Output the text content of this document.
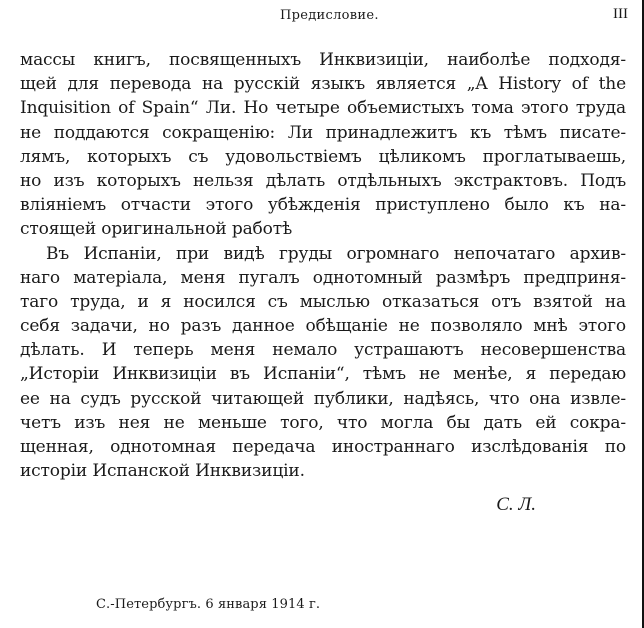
Предисловие.	III
массы книгъ, посвященныхъ Инквизиціи, наиболѣе подходя-
щей для перевода на русскій языкъ является „A History of the
Inquisition of Spain“ Ли. Но четыре объемистыхъ тома этого труда
не поддаются сокращенію: Ли принадлежитъ къ тѣмъ писате-
лямъ, которыхъ съ удовольствіемъ цѣликомъ проглатываешь,
но изъ которыхъ нельзя дѣлать отдѣльныхъ экстрактовъ. Подъ
вліяніемъ отчасти этого убѣжденія приступлено было къ на-
стоящей оригинальной работѣ
Въ Испаніи, при видѣ груды огромнаго непочатаго архив-
наго матеріала, меня пугалъ однотомный размѣръ предприня-
таго труда, и я носился съ мыслью отказаться отъ взятой на
себя задачи, но разъ данное обѣщаніе не позволяло мнѣ этого
дѣлать. И теперь меня немало устрашаютъ несовершенства
„Исторіи Инквизиціи въ Испаніи“, тѣмъ не менѣе, я передаю
ее на судъ русской читающей публики, надѣясь, что она извле-
четъ изъ нея не меньше того, что могла бы дать ей сокра-
щенная, однотомная передача иностраннаго изслѣдованія по
исторіи Испанской Инквизиціи.
С. Л.
С.-Петербургъ. 6 января 1914 г.
